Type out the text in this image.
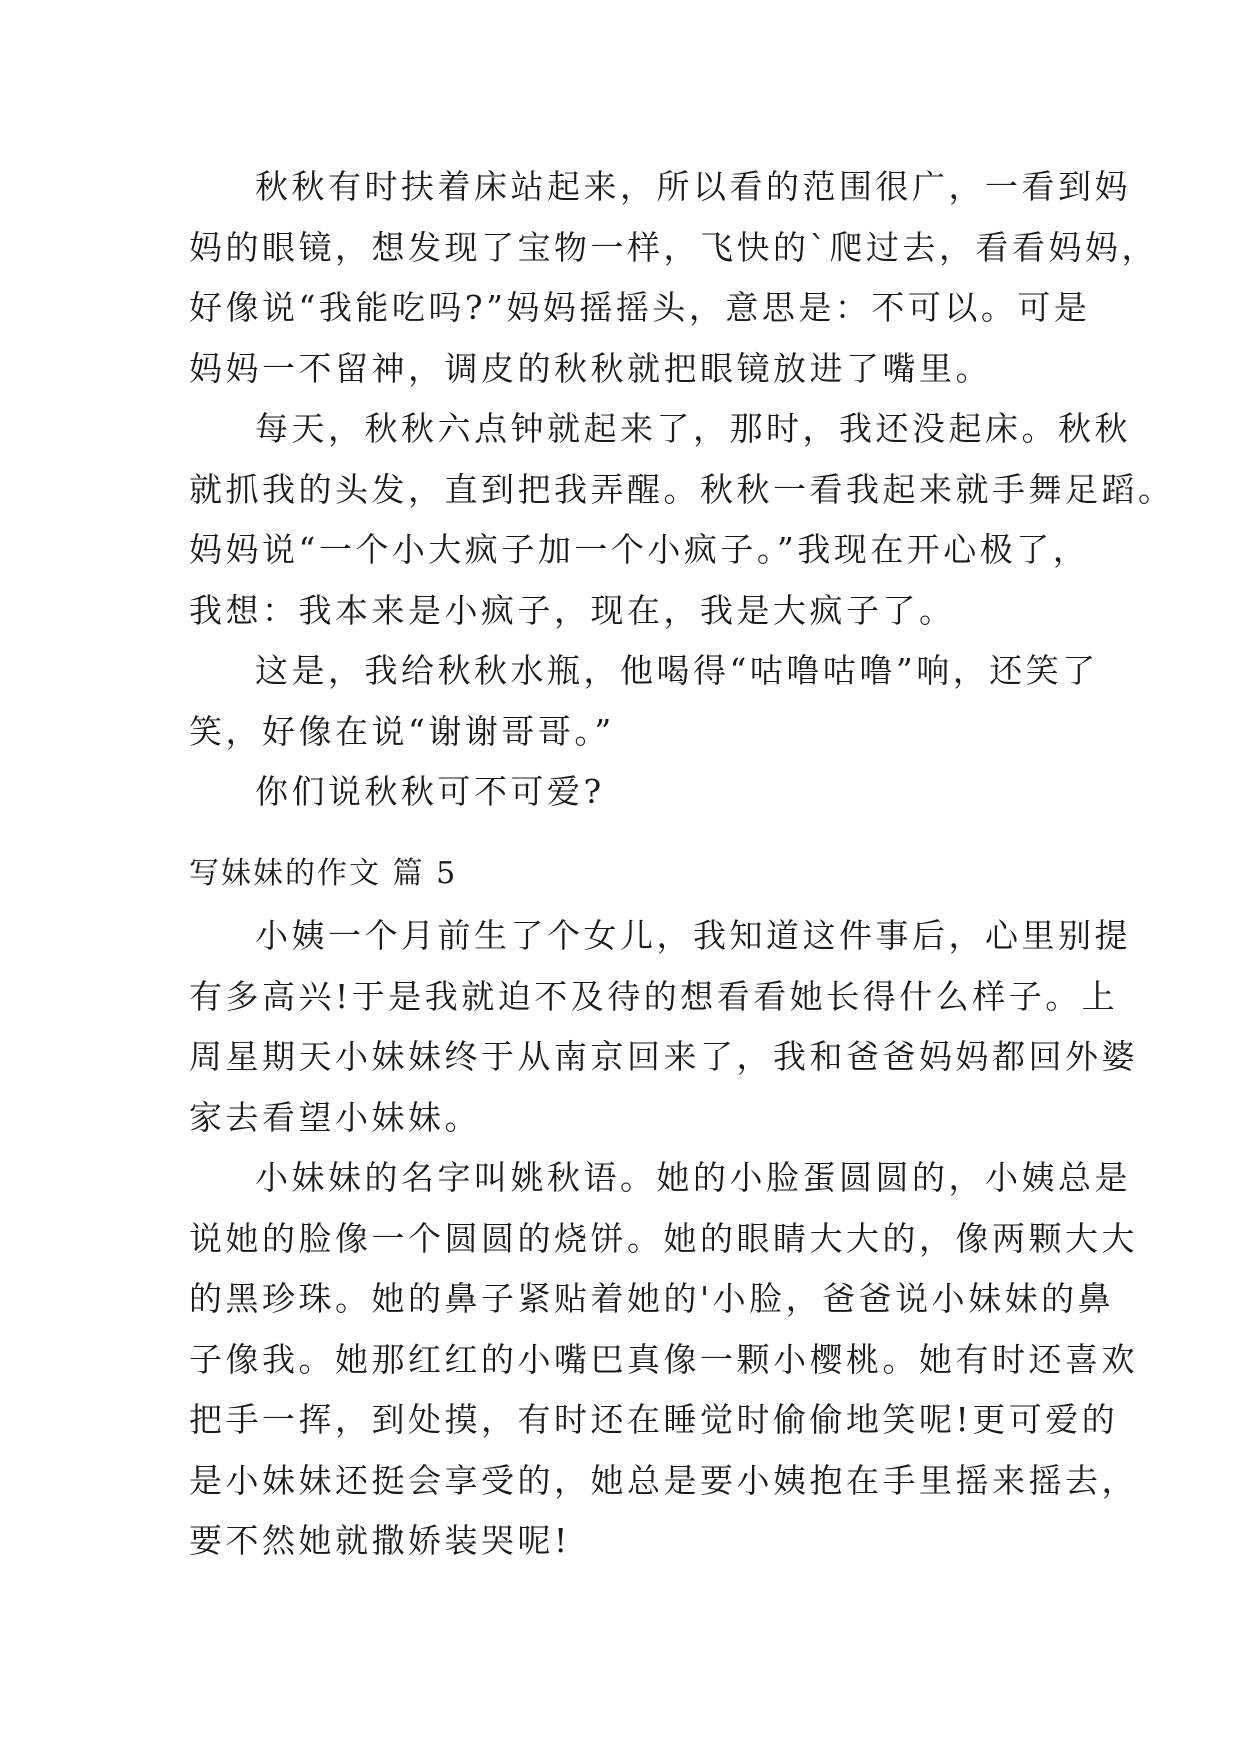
秋秋有时扶着床站起来，所以看的范围很广，一看到妈

妈的眼镜，想发现了宝物一样，飞快的`爬过去，看看妈妈，

好像说“我能吃吗?”妈妈摇摇头，意思是：不可以。可是

妈妈一不留神，调皮的秋秋就把眼镜放进了嘴里。

每天，秋秋六点钟就起来了，那时，我还没起床。秋秋

就抓我的头发，直到把我弄醒。秋秋一看我起来就手舞足蹈。

妈妈说“一个小大疯子加一个小疯子。”我现在开心极了，

我想：我本来是小疯子，现在，我是大疯子了。

这是，我给秋秋水瓶，他喝得“咕噜咕噜”响，还笑了

笑，好像在说“谢谢哥哥。”

你们说秋秋可不可爱?

写妹妹的作文 篇 5

小姨一个月前生了个女儿，我知道这件事后，心里别提

有多高兴!于是我就迫不及待的想看看她长得什么样子。上

周星期天小妹妹终于从南京回来了，我和爸爸妈妈都回外婆

家去看望小妹妹。

小妹妹的名字叫姚秋语。她的小脸蛋圆圆的，小姨总是

说她的脸像一个圆圆的烧饼。她的眼睛大大的，像两颗大大

的黑珍珠。她的鼻子紧贴着她的'小脸，爸爸说小妹妹的鼻

子像我。她那红红的小嘴巴真像一颗小樱桃。她有时还喜欢

把手一挥，到处摸，有时还在睡觉时偷偷地笑呢!更可爱的

是小妹妹还挺会享受的，她总是要小姨抱在手里摇来摇去，

要不然她就撒娇装哭呢!
